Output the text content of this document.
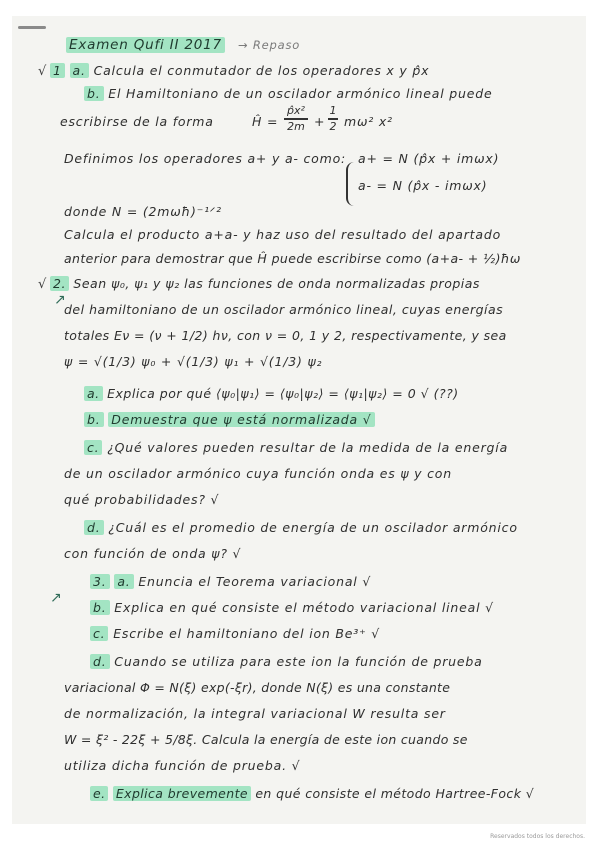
Examen Qufi II 2017 → Repaso
√ 1 a. Calcula el conmutador de los operadores x y p̂x
b. El Hamiltoniano de un oscilador armónico lineal puede
escribirse de la forma	Ĥ =
p̂x²
2m +
1
2 mω² x²
Definimos los operadores a+ y a- como: a+ = N (p̂x + imωx)
a- = N (p̂x - imωx)
donde N = (2mωħ)⁻¹ᐟ²
Calcula el producto a+a- y haz uso del resultado del apartado
anterior para demostrar que Ĥ puede escribirse como (a+a- + ½)ħω
√
↗
2. Sean ψ₀, ψ₁ y ψ₂ las funciones de onda normalizadas propias
del hamiltoniano de un oscilador armónico lineal, cuyas energías
totales Eν = (ν + 1/2) hν, con ν = 0, 1 y 2, respectivamente, y sea
ψ = √(1/3) ψ₀ + √(1/3) ψ₁ + √(1/3) ψ₂
a. Explica por qué ⟨ψ₀|ψ₁⟩ = ⟨ψ₀|ψ₂⟩ = ⟨ψ₁|ψ₂⟩ = 0 √ (??)
b. Demuestra que ψ está normalizada √
c. ¿Qué valores pueden resultar de la medida de la energía
de un oscilador armónico cuya función onda es ψ y con
qué probabilidades? √
d. ¿Cuál es el promedio de energía de un oscilador armónico
con función de onda ψ? √
3. a. Enuncia el Teorema variacional √
↗
b. Explica en qué consiste el método variacional lineal √
c. Escribe el hamiltoniano del ion Be³⁺ √
d. Cuando se utiliza para este ion la función de prueba
variacional Φ = N(ξ) exp(-ξr), donde N(ξ) es una constante
de normalización, la integral variacional W resulta ser
W = ξ² - 22ξ + 5/8ξ. Calcula la energía de este ion cuando se
utiliza dicha función de prueba. √
e. Explica brevemente en qué consiste el método Hartree-Fock √
Reservados todos los derechos.
